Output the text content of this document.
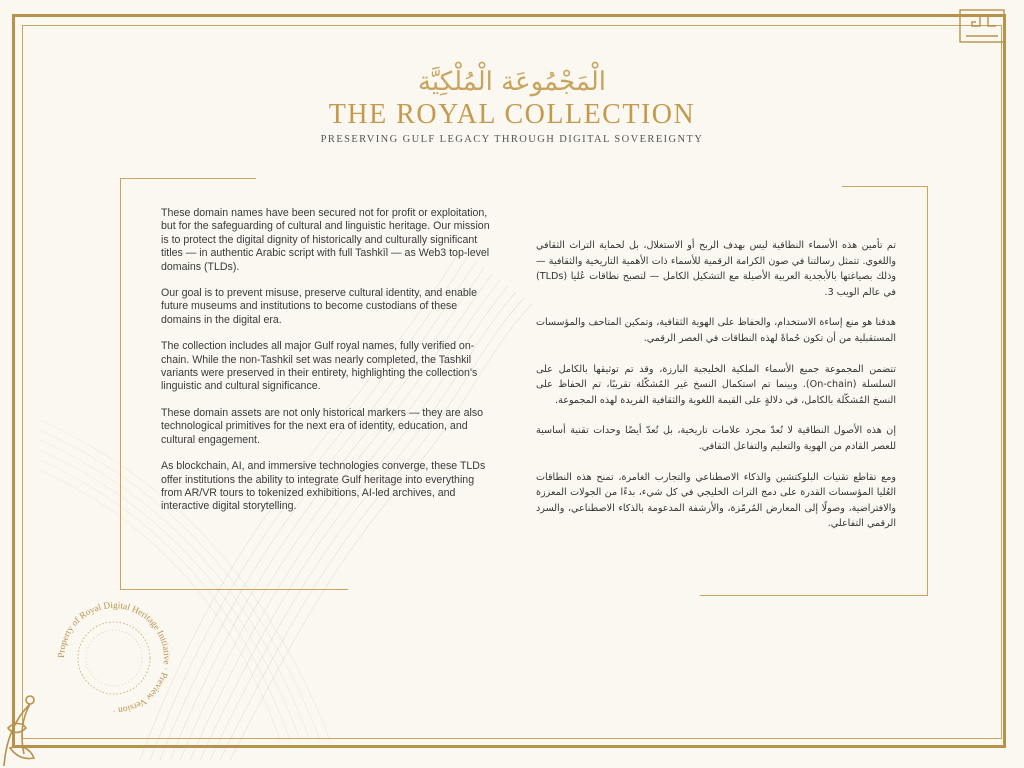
الْمَجْمُوعَة الْمُلْكِيَّة
THE ROYAL COLLECTION
PRESERVING GULF LEGACY THROUGH DIGITAL SOVEREIGNTY

These domain names have been secured not for profit or exploitation, but for the safeguarding of cultural and linguistic heritage. Our mission is to protect the digital dignity of historically and culturally significant titles — in authentic Arabic script with full Tashkīl — as Web3 top-level domains (TLDs).

Our goal is to prevent misuse, preserve cultural identity, and enable future museums and institutions to become custodians of these domains in the digital era.

The collection includes all major Gulf royal names, fully verified on-chain. While the non-Tashkil set was nearly completed, the Tashkil variants were preserved in their entirety, highlighting the collection's linguistic and cultural significance.

These domain assets are not only historical markers — they are also technological primitives for the next era of identity, education, and cultural engagement.

As blockchain, AI, and immersive technologies converge, these TLDs offer institutions the ability to integrate Gulf heritage into everything from AR/VR tours to tokenized exhibitions, AI-led archives, and interactive digital storytelling.

تم تأمين هذه الأسماء النطاقية ليس بهدف الربح أو الاستغلال، بل لحماية التراث الثقافي واللغوي. تتمثل رسالتنا في صون الكرامة الرقمية للأسماء ذات الأهمية التاريخية والثقافية — وذلك بصياغتها بالأبجدية العربية الأصيلة مع التشكيل الكامل — لتصبح نطاقات عُليا (TLDs) في عالم الويب 3.

هدفنا هو منع إساءة الاستخدام، والحفاظ على الهوية الثقافية، وتمكين المتاحف والمؤسسات المستقبلية من أن تكون حُماةً لهذه النطاقات في العصر الرقمي.

تتضمن المجموعة جميع الأسماء الملكية الخليجية البارزة، وقد تم توثيقها بالكامل على السلسلة (On-chain). وبينما تم استكمال النسخ غير المُشكّلة تقريبًا، تم الحفاظ على النسخ المُشكّلة بالكامل، في دلالةٍ على القيمة اللغوية والثقافية الفريدة لهذه المجموعة.

إن هذه الأصول النطاقية لا تُعدّ مجرد علامات تاريخية، بل تُعدّ أيضًا وحدات تقنية أساسية للعصر القادم من الهوية والتعليم والتفاعل الثقافي.

ومع تقاطع تقنيات البلوكتشين والذكاء الاصطناعي والتجارب الغامرة، تمنح هذه النطاقات العُليا المؤسسات القدرة على دمج التراث الخليجي في كل شيء، بدءًا من الجولات المعززة والافتراضية، وصولًا إلى المعارض المُرمّزة، والأرشفة المدعومة بالذكاء الاصطناعي، والسرد الرقمي التفاعلي.

Property of Royal Digital Heritage Initiative · Preview Version ·
